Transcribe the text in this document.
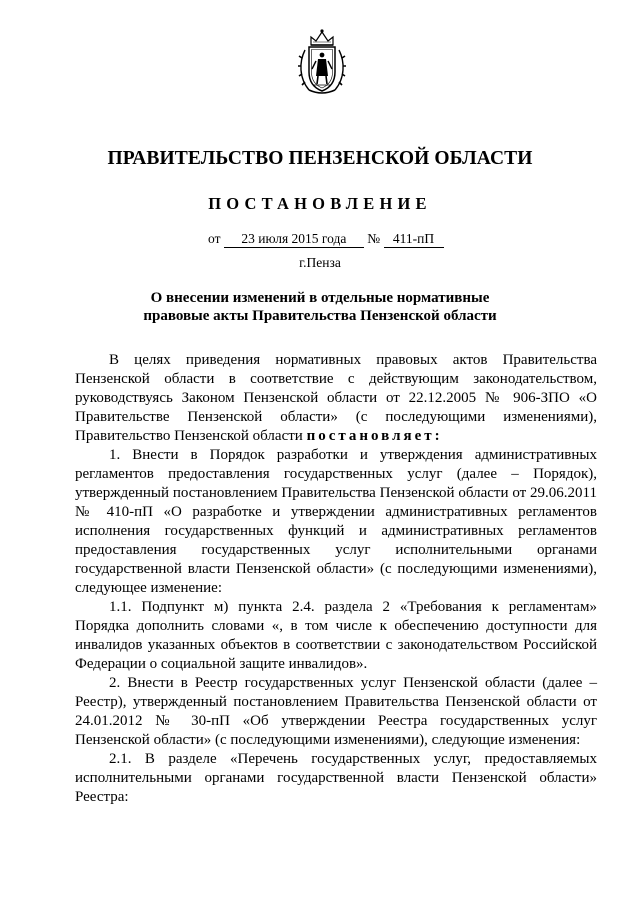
ПРАВИТЕЛЬСТВО ПЕНЗЕНСКОЙ ОБЛАСТИ
ПОСТАНОВЛЕНИЕ
от 23 июля 2015 года № 411-пП
г.Пенза
О внесении изменений в отдельные нормативные
правовые акты Правительства Пензенской области

В целях приведения нормативных правовых актов Правительства Пензенской области в соответствие с действующим законодательством, руководствуясь Законом Пензенской области от 22.12.2005 № 906-ЗПО «О Правительстве Пензенской области» (с последующими изменениями), Правительство Пензенской области постановляет:

1. Внести в Порядок разработки и утверждения административных регламентов предоставления государственных услуг (далее – Порядок), утвержденный постановлением Правительства Пензенской области от 29.06.2011 № 410-пП «О разработке и утверждении административных регламентов исполнения государственных функций и административных регламентов предоставления государственных услуг исполнительными органами государственной власти Пензенской области» (с последующими изменениями), следующее изменение:

1.1. Подпункт м) пункта 2.4. раздела 2 «Требования к регламентам» Порядка дополнить словами «, в том числе к обеспечению доступности для инвалидов указанных объектов в соответствии с законодательством Российской Федерации о социальной защите инвалидов».

2. Внести в Реестр государственных услуг Пензенской области (далее – Реестр), утвержденный постановлением Правительства Пензенской области от 24.01.2012 № 30-пП «Об утверждении Реестра государственных услуг Пензенской области» (с последующими изменениями), следующие изменения:

2.1. В разделе «Перечень государственных услуг, предоставляемых исполнительными органами государственной власти Пензенской области» Реестра:
